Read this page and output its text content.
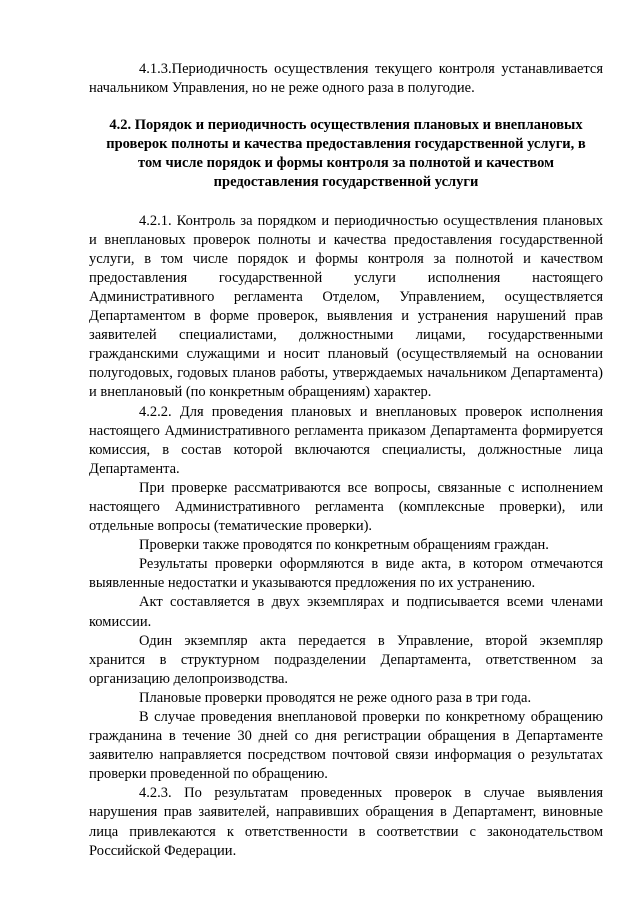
4.1.3.Периодичность осуществления текущего контроля устанавливается начальником Управления, но не реже одного раза в полугодие.

4.2. Порядок и периодичность осуществления плановых и внеплановых проверок полноты и качества предоставления государственной услуги, в том числе порядок и формы контроля за полнотой и качеством предоставления государственной услуги

4.2.1. Контроль за порядком и периодичностью осуществления плановых и внеплановых проверок полноты и качества предоставления государственной услуги, в том числе порядок и формы контроля за полнотой и качеством предоставления государственной услуги исполнения настоящего Административного регламента Отделом, Управлением, осуществляется Департаментом в форме проверок, выявления и устранения нарушений прав заявителей специалистами, должностными лицами, государственными гражданскими служащими и носит плановый (осуществляемый на основании полугодовых, годовых планов работы, утверждаемых начальником Департамента) и внеплановый (по конкретным обращениям) характер.

4.2.2. Для проведения плановых и внеплановых проверок исполнения настоящего Административного регламента приказом Департамента формируется комиссия, в состав которой включаются специалисты, должностные лица Департамента.

При проверке рассматриваются все вопросы, связанные с исполнением настоящего Административного регламента (комплексные проверки), или отдельные вопросы (тематические проверки).

Проверки также проводятся по конкретным обращениям граждан.

Результаты проверки оформляются в виде акта, в котором отмечаются выявленные недостатки и указываются предложения по их устранению.

Акт составляется в двух экземплярах и подписывается всеми членами комиссии.

Один экземпляр акта передается в Управление, второй экземпляр хранится в структурном подразделении Департамента, ответственном за организацию делопроизводства.

Плановые проверки проводятся не реже одного раза в три года.

В случае проведения внеплановой проверки по конкретному обращению гражданина в течение 30 дней со дня регистрации обращения в Департаменте заявителю направляется посредством почтовой связи информация о результатах проверки проведенной по обращению.

4.2.3. По результатам проведенных проверок в случае выявления нарушения прав заявителей, направивших обращения в Департамент, виновные лица привлекаются к ответственности в соответствии с законодательством Российской Федерации.
